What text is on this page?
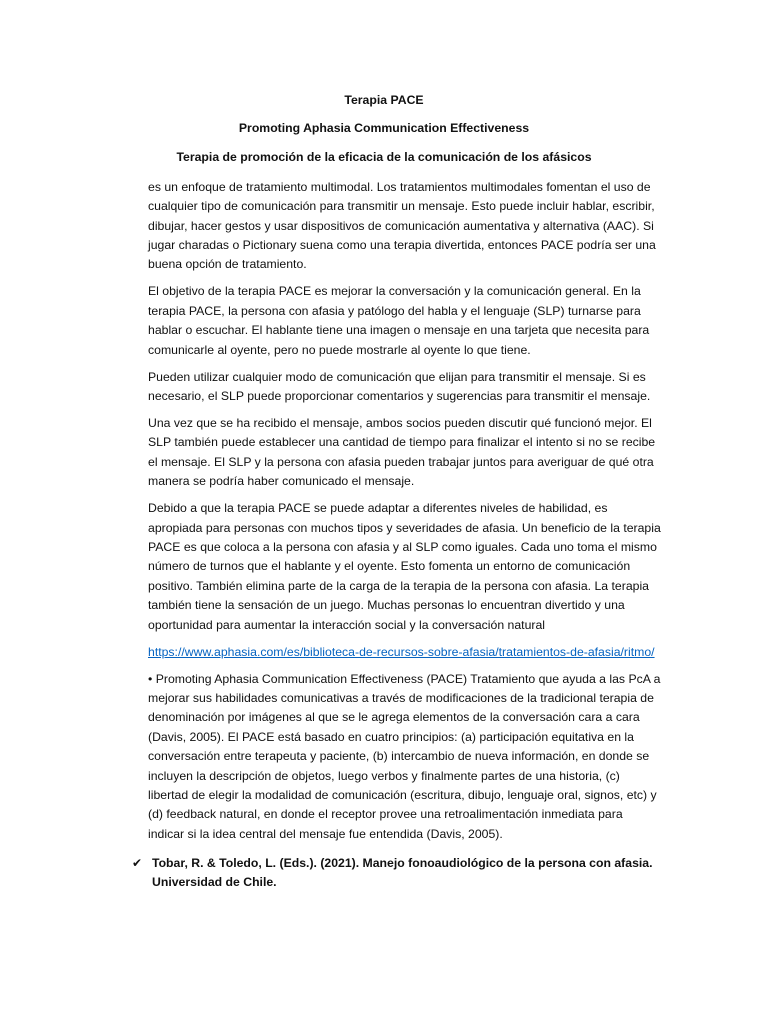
Terapia PACE
Promoting Aphasia Communication Effectiveness
Terapia de promoción de la eficacia de la comunicación de los afásicos

es un enfoque de tratamiento multimodal. Los tratamientos multimodales fomentan el uso de cualquier tipo de comunicación para transmitir un mensaje. Esto puede incluir hablar, escribir, dibujar, hacer gestos y usar dispositivos de comunicación aumentativa y alternativa (AAC). Si jugar charadas o Pictionary suena como una terapia divertida, entonces PACE podría ser una buena opción de tratamiento.

El objetivo de la terapia PACE es mejorar la conversación y la comunicación general. En la terapia PACE, la persona con afasia y patólogo del habla y el lenguaje (SLP) turnarse para hablar o escuchar. El hablante tiene una imagen o mensaje en una tarjeta que necesita para comunicarle al oyente, pero no puede mostrarle al oyente lo que tiene.

Pueden utilizar cualquier modo de comunicación que elijan para transmitir el mensaje. Si es necesario, el SLP puede proporcionar comentarios y sugerencias para transmitir el mensaje.

Una vez que se ha recibido el mensaje, ambos socios pueden discutir qué funcionó mejor. El SLP también puede establecer una cantidad de tiempo para finalizar el intento si no se recibe el mensaje. El SLP y la persona con afasia pueden trabajar juntos para averiguar de qué otra manera se podría haber comunicado el mensaje.

Debido a que la terapia PACE se puede adaptar a diferentes niveles de habilidad, es apropiada para personas con muchos tipos y severidades de afasia. Un beneficio de la terapia PACE es que coloca a la persona con afasia y al SLP como iguales. Cada uno toma el mismo número de turnos que el hablante y el oyente. Esto fomenta un entorno de comunicación positivo. También elimina parte de la carga de la terapia de la persona con afasia. La terapia también tiene la sensación de un juego. Muchas personas lo encuentran divertido y una oportunidad para aumentar la interacción social y la conversación natural

https://www.aphasia.com/es/biblioteca-de-recursos-sobre-afasia/tratamientos-de-afasia/ritmo/

• Promoting Aphasia Communication Effectiveness (PACE) Tratamiento que ayuda a las PcA a mejorar sus habilidades comunicativas a través de modificaciones de la tradicional terapia de denominación por imágenes al que se le agrega elementos de la conversación cara a cara (Davis, 2005). El PACE está basado en cuatro principios: (a) participación equitativa en la conversación entre terapeuta y paciente, (b) intercambio de nueva información, en donde se incluyen la descripción de objetos, luego verbos y finalmente partes de una historia, (c) libertad de elegir la modalidad de comunicación (escritura, dibujo, lenguaje oral, signos, etc) y (d) feedback natural, en donde el receptor provee una retroalimentación inmediata para indicar si la idea central del mensaje fue entendida (Davis, 2005).

✔ Tobar, R. & Toledo, L. (Eds.). (2021). Manejo fonoaudiológico de la persona con afasia. Universidad de Chile.
